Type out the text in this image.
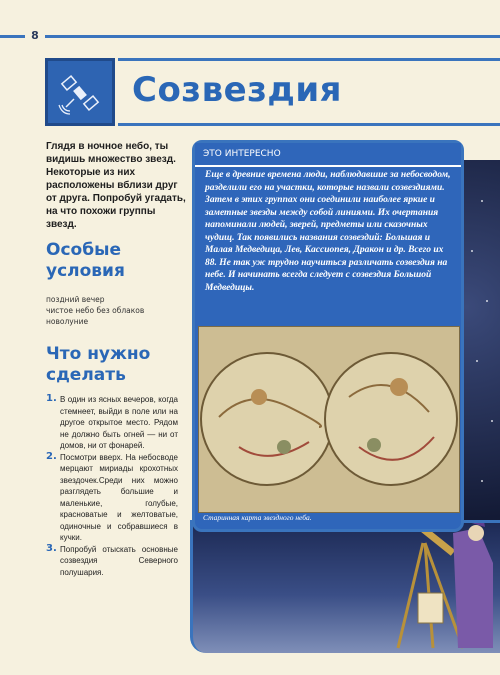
8
Созвездия

Глядя в ночное небо, ты видишь множество звезд. Некоторые из них расположены вблизи друг от друга. Попробуй угадать, на что похожи группы звезд.

Особые
условия
поздний вечер
чистое небо без облаков
новолуние
Что нужно
сделать
1. В один из ясных вечеров, когда стемнеет, выйди в поле или на другое открытое место. Рядом не должно быть огней — ни от домов, ни от фонарей.
2. Посмотри вверх. На небосводе мерцают мириады крохотных звездочек.Среди них можно разглядеть большие и маленькие, голубые, красноватые и желтоватые, одиночные и собравшиеся в кучки.
3. Попробуй отыскать основные созвездия Северного полушария.
ЭТО ИНТЕРЕСНО

Еще в древние времена люди, наблюдавшие за небосводом, разделили его на участки, которые назвали созвездиями. Затем в этих группах они соединили наиболее яркие и заметные звезды между собой линиями. Их очертания напоминали людей, зверей, предметы или сказочных чудищ. Так появились названия созвездий: Большая и Малая Медведица, Лев, Кассиопея, Дракон и др. Всего их 88. Не так уж трудно научиться различать созвездия на небе. И начинать всегда следует с созвездия Большой Медведицы.

Старинная карта звездного неба.
